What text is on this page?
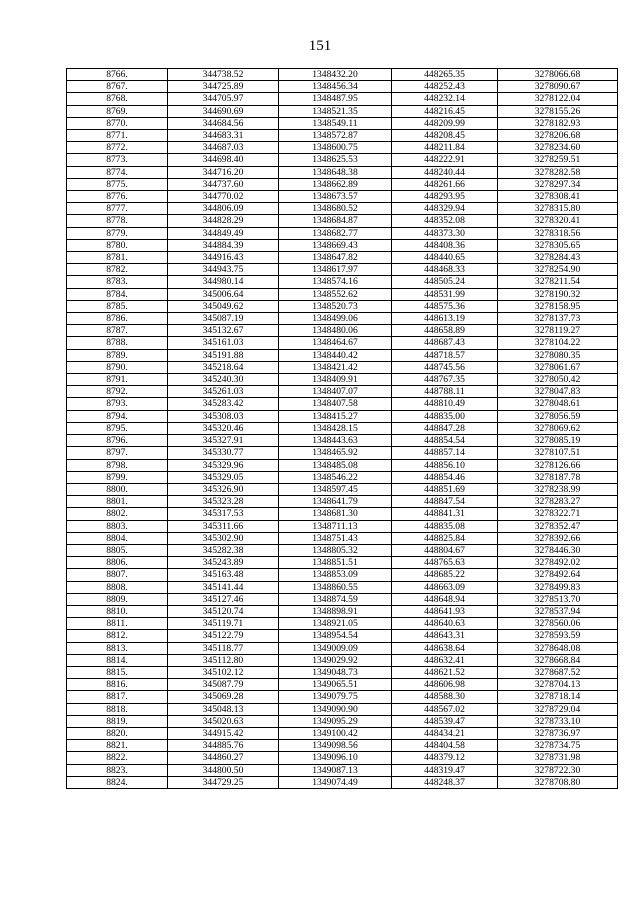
151
8766.	344738.52	1348432.20	448265.35	3278066.68
8767.	344725.89	1348456.34	448252.43	3278090.67
8768.	344705.97	1348487.95	448232.14	3278122.04
8769.	344690.69	1348521.35	448216.45	3278155.26
8770.	344684.56	1348549.11	448209.99	3278182.93
8771.	344683.31	1348572.87	448208.45	3278206.68
8772.	344687.03	1348600.75	448211.84	3278234.60
8773.	344698.40	1348625.53	448222.91	3278259.51
8774.	344716.20	1348648.38	448240.44	3278282.58
8775.	344737.60	1348662.89	448261.66	3278297.34
8776.	344770.02	1348673.57	448293.95	3278308.41
8777.	344806.09	1348680.52	448329.94	3278315.80
8778.	344828.29	1348684.87	448352.08	3278320.41
8779.	344849.49	1348682.77	448373.30	3278318.56
8780.	344884.39	1348669.43	448408.36	3278305.65
8781.	344916.43	1348647.82	448440.65	3278284.43
8782.	344943.75	1348617.97	448468.33	3278254.90
8783.	344980.14	1348574.16	448505.24	3278211.54
8784.	345006.64	1348552.62	448531.99	3278190.32
8785.	345049.62	1348520.73	448575.36	3278158.95
8786.	345087.19	1348499.06	448613.19	3278137.73
8787.	345132.67	1348480.06	448658.89	3278119.27
8788.	345161.03	1348464.67	448687.43	3278104.22
8789.	345191.88	1348440.42	448718.57	3278080.35
8790.	345218.64	1348421.42	448745.56	3278061.67
8791.	345240.30	1348409.91	448767.35	3278050.42
8792.	345261.03	1348407.07	448788.11	3278047.83
8793.	345283.42	1348407.58	448810.49	3278048.61
8794.	345308.03	1348415.27	448835.00	3278056.59
8795.	345320.46	1348428.15	448847.28	3278069.62
8796.	345327.91	1348443.63	448854.54	3278085.19
8797.	345330.77	1348465.92	448857.14	3278107.51
8798.	345329.96	1348485.08	448856.10	3278126.66
8799.	345329.05	1348546.22	448854.46	3278187.78
8800.	345326.90	1348597.45	448851.69	3278238.99
8801.	345323.28	1348641.79	448847.54	3278283.27
8802.	345317.53	1348681.30	448841.31	3278322.71
8803.	345311.66	1348711.13	448835.08	3278352.47
8804.	345302.90	1348751.43	448825.84	3278392.66
8805.	345282.38	1348805.32	448804.67	3278446.30
8806.	345243.89	1348851.51	448765.63	3278492.02
8807.	345163.48	1348853.09	448685.22	3278492.64
8808.	345141.44	1348860.55	448663.09	3278499.83
8809.	345127.46	1348874.59	448648.94	3278513.70
8810.	345120.74	1348898.91	448641.93	3278537.94
8811.	345119.71	1348921.05	448640.63	3278560.06
8812.	345122.79	1348954.54	448643.31	3278593.59
8813.	345118.77	1349009.09	448638.64	3278648.08
8814.	345112.80	1349029.92	448632.41	3278668.84
8815.	345102.12	1349048.73	448621.52	3278687.52
8816.	345087.79	1349065.51	448606.98	3278704.13
8817.	345069.28	1349079.75	448588.30	3278718.14
8818.	345048.13	1349090.90	448567.02	3278729.04
8819.	345020.63	1349095.29	448539.47	3278733.10
8820.	344915.42	1349100.42	448434.21	3278736.97
8821.	344885.76	1349098.56	448404.58	3278734.75
8822.	344860.27	1349096.10	448379.12	3278731.98
8823.	344800.50	1349087.13	448319.47	3278722.30
8824.	344729.25	1349074.49	448248.37	3278708.80
